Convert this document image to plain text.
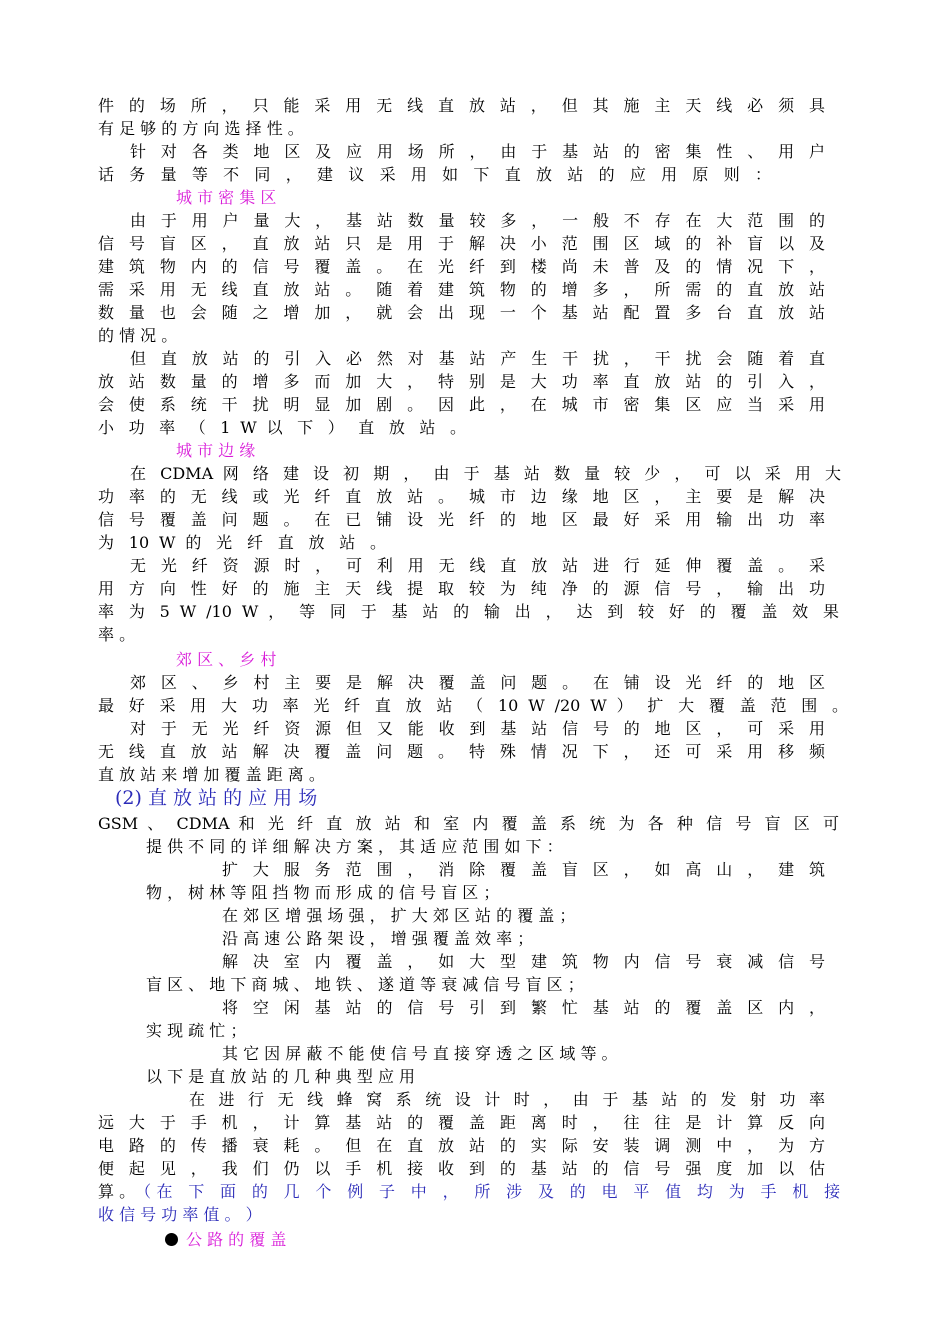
件 的 场 所 ， 只 能 采 用 无 线 直 放 站 ， 但 其 施 主 天 线 必 须 具
有 足 够 的 方 向 选 择 性 。
针 对 各 类 地 区 及 应 用 场 所 ， 由 于 基 站 的 密 集 性 、 用 户
话 务 量 等 不 同 ， 建 议 采 用 如 下 直 放 站 的 应 用 原 则 ：
城 市 密 集 区
由 于 用 户 量 大 ， 基 站 数 量 较 多 ， 一 般 不 存 在 大 范 围 的
信 号 盲 区 ， 直 放 站 只 是 用 于 解 决 小 范 围 区 域 的 补 盲 以 及
建 筑 物 内 的 信 号 覆 盖 。 在 光 纤 到 楼 尚 未 普 及 的 情 况 下 ，
需 采 用 无 线 直 放 站 。 随 着 建 筑 物 的 增 多 ， 所 需 的 直 放 站
数 量 也 会 随 之 增 加 ， 就 会 出 现 一 个 基 站 配 置 多 台 直 放 站
的 情 况 。
但 直 放 站 的 引 入 必 然 对 基 站 产 生 干 扰 ， 干 扰 会 随 着 直
放 站 数 量 的 增 多 而 加 大 ， 特 别 是 大 功 率 直 放 站 的 引 入 ，
会 使 系 统 干 扰 明 显 加 剧 。 因 此 ， 在 城 市 密 集 区 应 当 采 用
小 功 率 （ 1 W 以 下 ） 直 放 站 。
城 市 边 缘
在 CDMA 网 络 建 设 初 期 ， 由 于 基 站 数 量 较 少 ， 可 以 采 用 大
功 率 的 无 线 或 光 纤 直 放 站 。 城 市 边 缘 地 区 ， 主 要 是 解 决
信 号 覆 盖 问 题 。 在 已 铺 设 光 纤 的 地 区 最 好 采 用 输 出 功 率
为 10 W 的 光 纤 直 放 站 。
无 光 纤 资 源 时 ， 可 利 用 无 线 直 放 站 进 行 延 伸 覆 盖 。 采
用 方 向 性 好 的 施 主 天 线 提 取 较 为 纯 净 的 源 信 号 ， 输 出 功
率 为 5 W /10 W ， 等 同 于 基 站 的 输 出 ， 达 到 较 好 的 覆 盖 效 果
率 。
郊 区 、 乡 村
郊 区 、 乡 村 主 要 是 解 决 覆 盖 问 题 。 在 铺 设 光 纤 的 地 区
最 好 采 用 大 功 率 光 纤 直 放 站 （ 10 W /20 W ） 扩 大 覆 盖 范 围 。
对 于 无 光 纤 资 源 但 又 能 收 到 基 站 信 号 的 地 区 ， 可 采 用
无 线 直 放 站 解 决 覆 盖 问 题 。 特 殊 情 况 下 ， 还 可 采 用 移 频
直 放 站 来 增 加 覆 盖 距 离 。
(2) 直 放 站 的 应 用 场
GSM 、 CDMA 和 光 纤 直 放 站 和 室 内 覆 盖 系 统 为 各 种 信 号 盲 区 可
提 供 不 同 的 详 细 解 决 方 案 ， 其 适 应 范 围 如 下 ：
扩 大 服 务 范 围 ， 消 除 覆 盖 盲 区 ， 如 高 山 ， 建 筑
物 ， 树 林 等 阻 挡 物 而 形 成 的 信 号 盲 区 ；
在 郊 区 增 强 场 强 ， 扩 大 郊 区 站 的 覆 盖 ；
沿 高 速 公 路 架 设 ， 增 强 覆 盖 效 率 ；
解 决 室 内 覆 盖 ， 如 大 型 建 筑 物 内 信 号 衰 减 信 号
盲 区 、 地 下 商 城 、 地 铁 、 遂 道 等 衰 减 信 号 盲 区 ；
将 空 闲 基 站 的 信 号 引 到 繁 忙 基 站 的 覆 盖 区 内 ，
实 现 疏 忙 ；
其 它 因 屏 蔽 不 能 使 信 号 直 接 穿 透 之 区 域 等 。
以 下 是 直 放 站 的 几 种 典 型 应 用
在 进 行 无 线 蜂 窝 系 统 设 计 时 ， 由 于 基 站 的 发 射 功 率
远 大 于 手 机 ， 计 算 基 站 的 覆 盖 距 离 时 ， 往 往 是 计 算 反 向
电 路 的 传 播 衰 耗 。 但 在 直 放 站 的 实 际 安 装 调 测 中 ， 为 方
便 起 见 ， 我 们 仍 以 手 机 接 收 到 的 基 站 的 信 号 强 度 加 以 估
算 。 （在 下 面 的 几 个 例 子 中 ， 所 涉 及 的 电 平 值 均 为 手 机 接
收 信 号 功 率 值 。 ）
公 路 的 覆 盖
